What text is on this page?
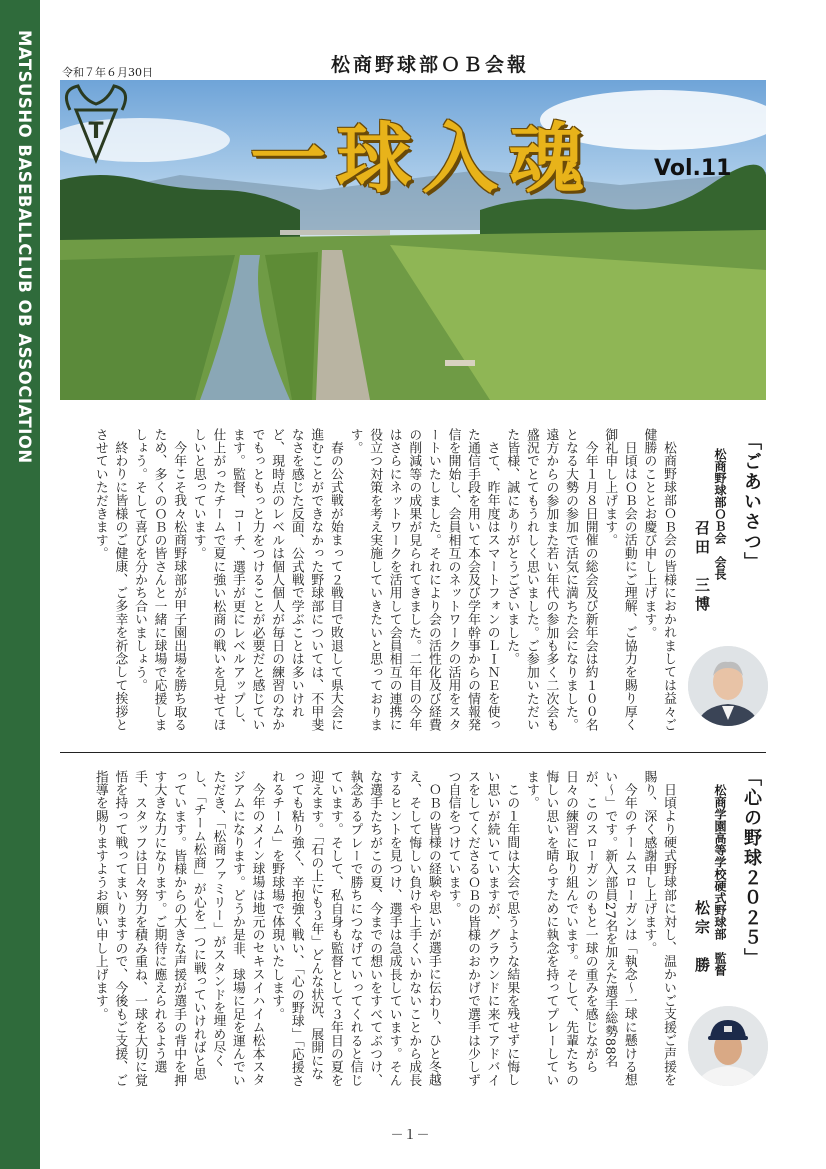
MATSUSHO BASEBALLCLUB OB ASSOCIATION	令和７年６月30日	松商野球部ＯＢ会報
T 一球入魂	Vol.11
「ごあいさつ」
松商野球部ＯＢ会　会長
召田　三博

松商野球部ＯＢ会の皆様におかれましては益々ご健勝のこととお慶び申し上げます。

日頃はＯＢ会の活動にご理解、ご協力を賜り厚く御礼申し上げます。

今年１月８日開催の総会及び新年会は約１００名となる大勢の参加で活気に満ちた会になりました。遠方からの参加また若い年代の参加も多く二次会も盛況でとてもうれしく思いました。ご参加いただいた皆様、誠にありがとうございました。

さて、昨年度はスマートフォンのＬＩＮＥを使った通信手段を用いて本会及び学年幹事からの情報発信を開始し、会員相互のネットワークの活用をスタートいたしました。それにより会の活性化及び経費の削減等の成果が見られてきました。二年目の今年はさらにネットワークを活用して会員相互の連携に役立つ対策を考え実施していきたいと思っております。

春の公式戦が始まって２戦目で敗退して県大会に進むことができなかった野球部については、不甲斐なさを感じた反面、公式戦で学ぶことは多いけれど、現時点のレベルは個人個人が毎日の練習のなかでもっともっと力をつけることが必要だと感じています。監督、コーチ、選手が更にレベルアップし、仕上がったチームで夏に強い松商の戦いを見せてほしいと思っています。

今年こそ我々松商野球部が甲子園出場を勝ち取るため、多くのＯＢの皆さんと一緒に球場で応援しましょう。そして喜びを分かち合いましょう。

終わりに皆様のご健康、ご多幸を祈念して挨拶とさせていただきます。

「心の野球２０２５」
松商学園高等学校硬式野球部　監督
松宗　勝

日頃より硬式野球部に対し、温かいご支援ご声援を賜り、深く感謝申し上げます。

今年のチームスローガンは「執念～一球に懸ける想い～」です。新入部員27名を加えた選手総勢88名が、このスローガンのもと一球の重みを感じながら日々の練習に取り組んでいます。そして、先輩たちの悔しい思いを晴らすために執念を持ってプレーしています。

この１年間は大会で思うような結果を残せずに悔しい思いが続いていますが、グラウンドに来てアドバイスをしてくださるＯＢの皆様のおかげで選手は少しずつ自信をつけています。

ＯＢの皆様の経験や思いが選手に伝わり、ひと冬越え、そして悔しい負けや上手くいかないことから成長するヒントを見つけ、選手は急成長しています。そんな選手たちがこの夏、今までの想いをすべてぶつけ、執念あるプレーで勝ちにつなげていってくれると信じています。そして、私自身も監督として３年目の夏を迎えます。「石の上にも３年」どんな状況、展開になっても粘り強く、辛抱強く戦い、「心の野球」「応援されるチーム」を野球場で体現いたします。

今年のメイン球場は地元のセキスイハイム松本スタジアムになります。どうか是非、球場に足を運んでいただき、「松商ファミリー」がスタンドを埋め尽くし、「チーム松商」が心を一つに戦っていければと思っています。皆様からの大きな声援が選手の背中を押す大きな力になります。ご期待に應えられるよう選手、スタッフは日々努力を積み重ね、一球を大切に覚悟を持って戦ってまいりますので、今後もご支援、ご指導を賜りますようお願い申し上げます。

－１－
